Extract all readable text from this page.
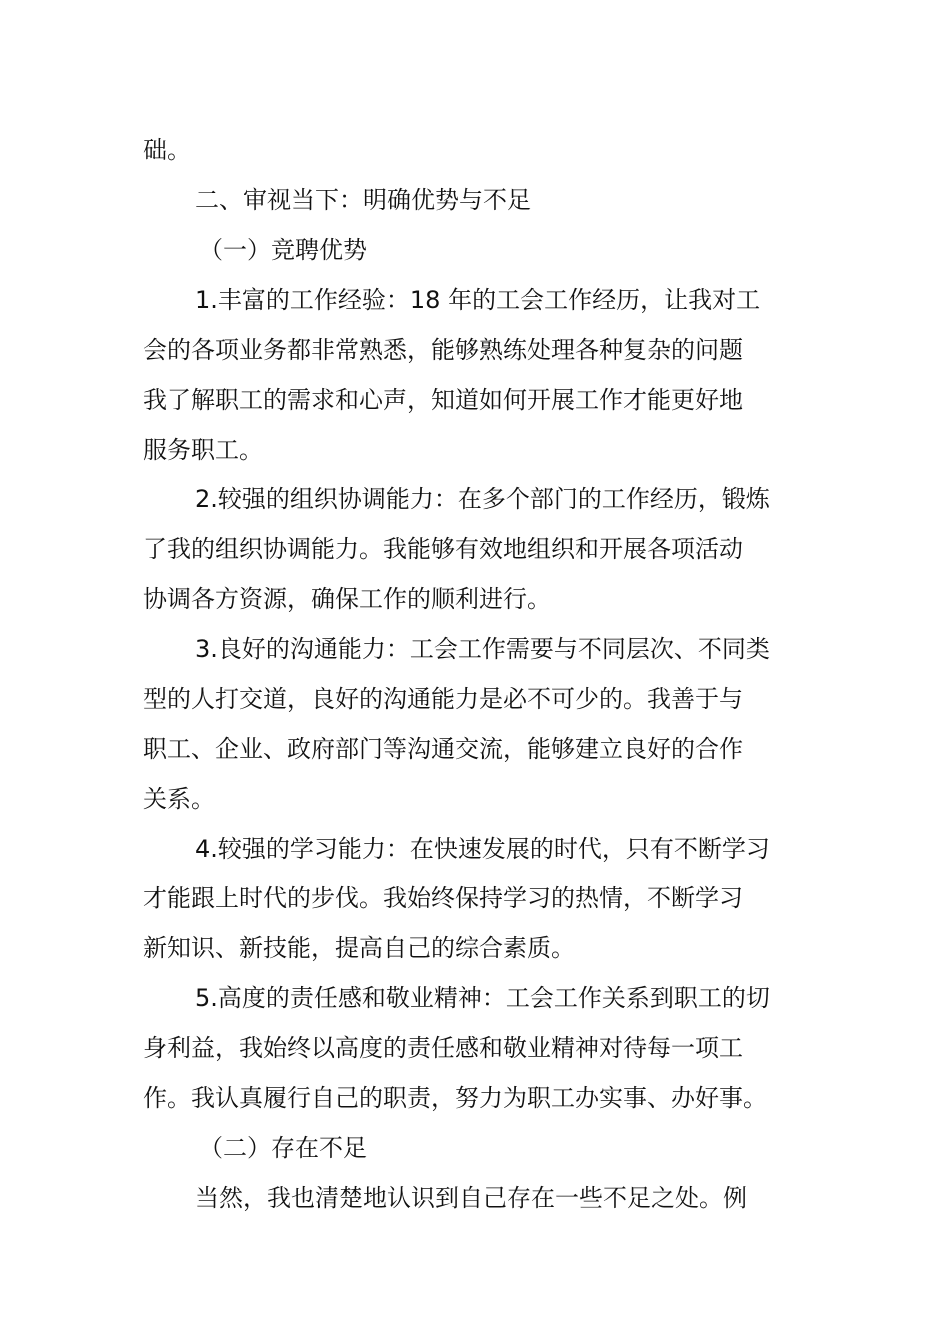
础。
二、审视当下：明确优势与不足
（一）竞聘优势
1.丰富的工作经验：18 年的工会工作经历，让我对工
会的各项业务都非常熟悉，能够熟练处理各种复杂的问题
我了解职工的需求和心声，知道如何开展工作才能更好地
服务职工。
2.较强的组织协调能力：在多个部门的工作经历，锻炼
了我的组织协调能力。我能够有效地组织和开展各项活动
协调各方资源，确保工作的顺利进行。
3.良好的沟通能力：工会工作需要与不同层次、不同类
型的人打交道，良好的沟通能力是必不可少的。我善于与
职工、企业、政府部门等沟通交流，能够建立良好的合作
关系。
4.较强的学习能力：在快速发展的时代，只有不断学习
才能跟上时代的步伐。我始终保持学习的热情，不断学习
新知识、新技能，提高自己的综合素质。
5.高度的责任感和敬业精神：工会工作关系到职工的切
身利益，我始终以高度的责任感和敬业精神对待每一项工
作。我认真履行自己的职责，努力为职工办实事、办好事。
（二）存在不足
当然，我也清楚地认识到自己存在一些不足之处。例
